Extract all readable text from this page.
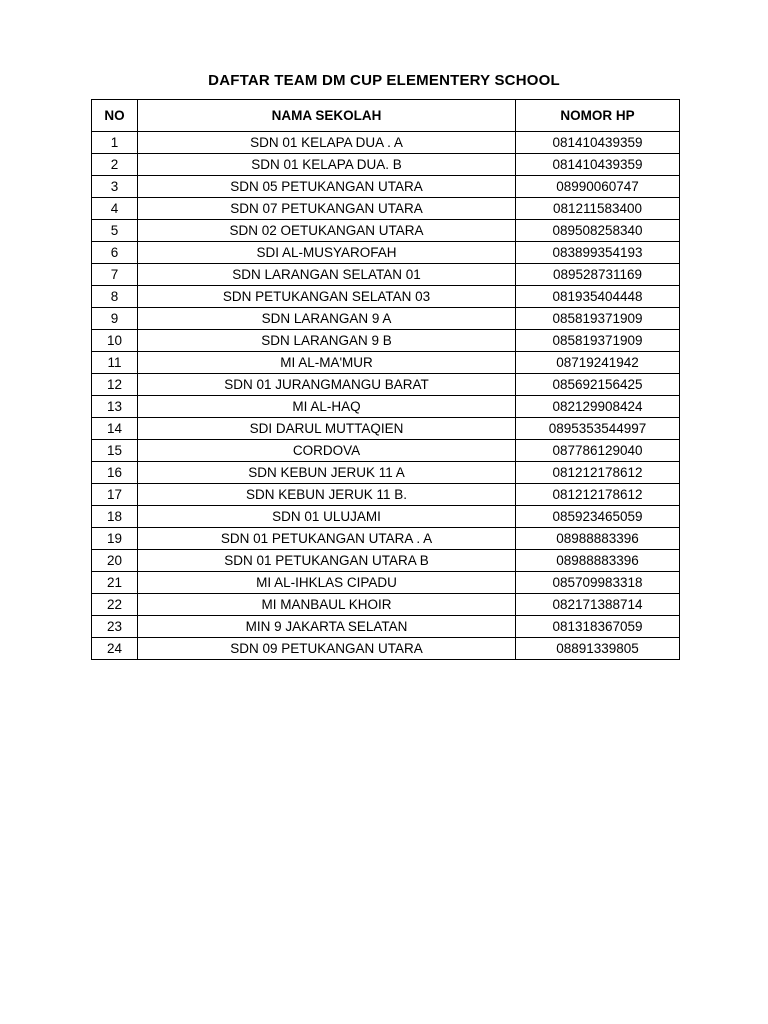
DAFTAR TEAM DM CUP ELEMENTERY SCHOOL
NO	NAMA SEKOLAH	NOMOR HP
1	SDN 01 KELAPA DUA . A	081410439359
2	SDN 01 KELAPA DUA. B	081410439359
3	SDN 05 PETUKANGAN UTARA	08990060747
4	SDN 07 PETUKANGAN UTARA	081211583400
5	SDN 02 OETUKANGAN UTARA	089508258340
6	SDI AL-MUSYAROFAH	083899354193
7	SDN LARANGAN SELATAN 01	089528731169
8	SDN PETUKANGAN SELATAN 03	081935404448
9	SDN LARANGAN 9 A	085819371909
10	SDN LARANGAN 9 B	085819371909
11	MI AL-MA'MUR	08719241942
12	SDN 01 JURANGMANGU BARAT	085692156425
13	MI AL-HAQ	082129908424
14	SDI DARUL MUTTAQIEN	0895353544997
15	CORDOVA	087786129040
16	SDN KEBUN JERUK 11 A	081212178612
17	SDN KEBUN JERUK 11 B.	081212178612
18	SDN 01 ULUJAMI	085923465059
19	SDN 01 PETUKANGAN UTARA . A	08988883396
20	SDN 01 PETUKANGAN UTARA B	08988883396
21	MI AL-IHKLAS CIPADU	085709983318
22	MI MANBAUL KHOIR	082171388714
23	MIN 9 JAKARTA SELATAN	081318367059
24	SDN 09 PETUKANGAN UTARA	08891339805
